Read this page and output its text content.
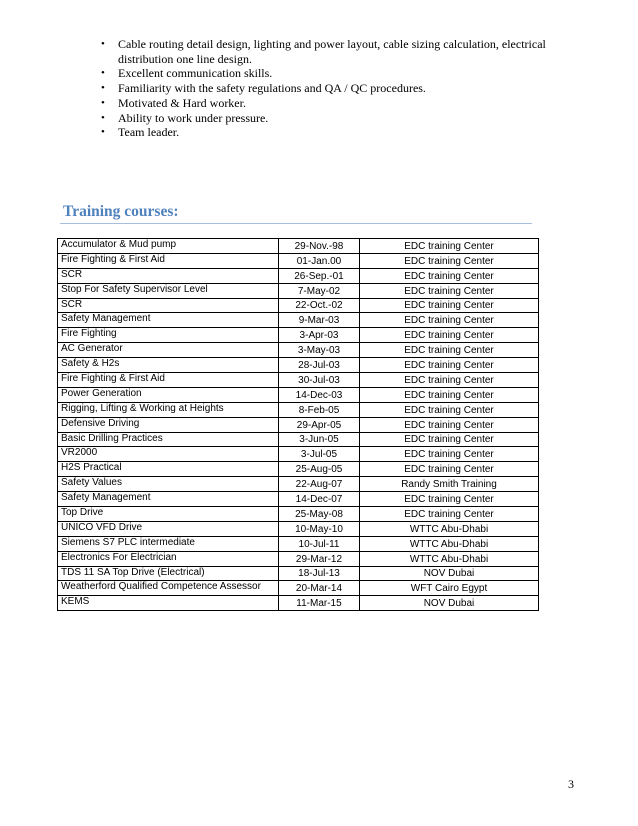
• Cable routing detail design, lighting and power layout, cable sizing calculation, electrical distribution one line design.
• Excellent communication skills.
• Familiarity with the safety regulations and QA / QC procedures.
• Motivated & Hard worker.
• Ability to work under pressure.
• Team leader.
Training courses:
Accumulator & Mud pump	29-Nov.-98	EDC training Center
Fire Fighting & First Aid	01-Jan.00	EDC training Center
SCR	26-Sep.-01	EDC training Center
Stop For Safety Supervisor Level	7-May-02	EDC training Center
SCR	22-Oct.-02	EDC training Center
Safety Management	9-Mar-03	EDC training Center
Fire Fighting	3-Apr-03	EDC training Center
AC Generator	3-May-03	EDC training Center
Safety & H2s	28-Jul-03	EDC training Center
Fire Fighting & First Aid	30-Jul-03	EDC training Center
Power Generation	14-Dec-03	EDC training Center
Rigging, Lifting & Working at Heights	8-Feb-05	EDC training Center
Defensive Driving	29-Apr-05	EDC training Center
Basic Drilling Practices	3-Jun-05	EDC training Center
VR2000	3-Jul-05	EDC training Center
H2S Practical	25-Aug-05	EDC training Center
Safety Values	22-Aug-07	Randy Smith Training
Safety Management	14-Dec-07	EDC training Center
Top Drive	25-May-08	EDC training Center
UNICO VFD Drive	10-May-10	WTTC Abu-Dhabi
Siemens S7 PLC intermediate	10-Jul-11	WTTC Abu-Dhabi
Electronics For Electrician	29-Mar-12	WTTC Abu-Dhabi
TDS 11 SA Top Drive (Electrical)	18-Jul-13	NOV Dubai
Weatherford Qualified Competence Assessor	20-Mar-14	WFT Cairo Egypt
KEMS	11-Mar-15	NOV Dubai
3
